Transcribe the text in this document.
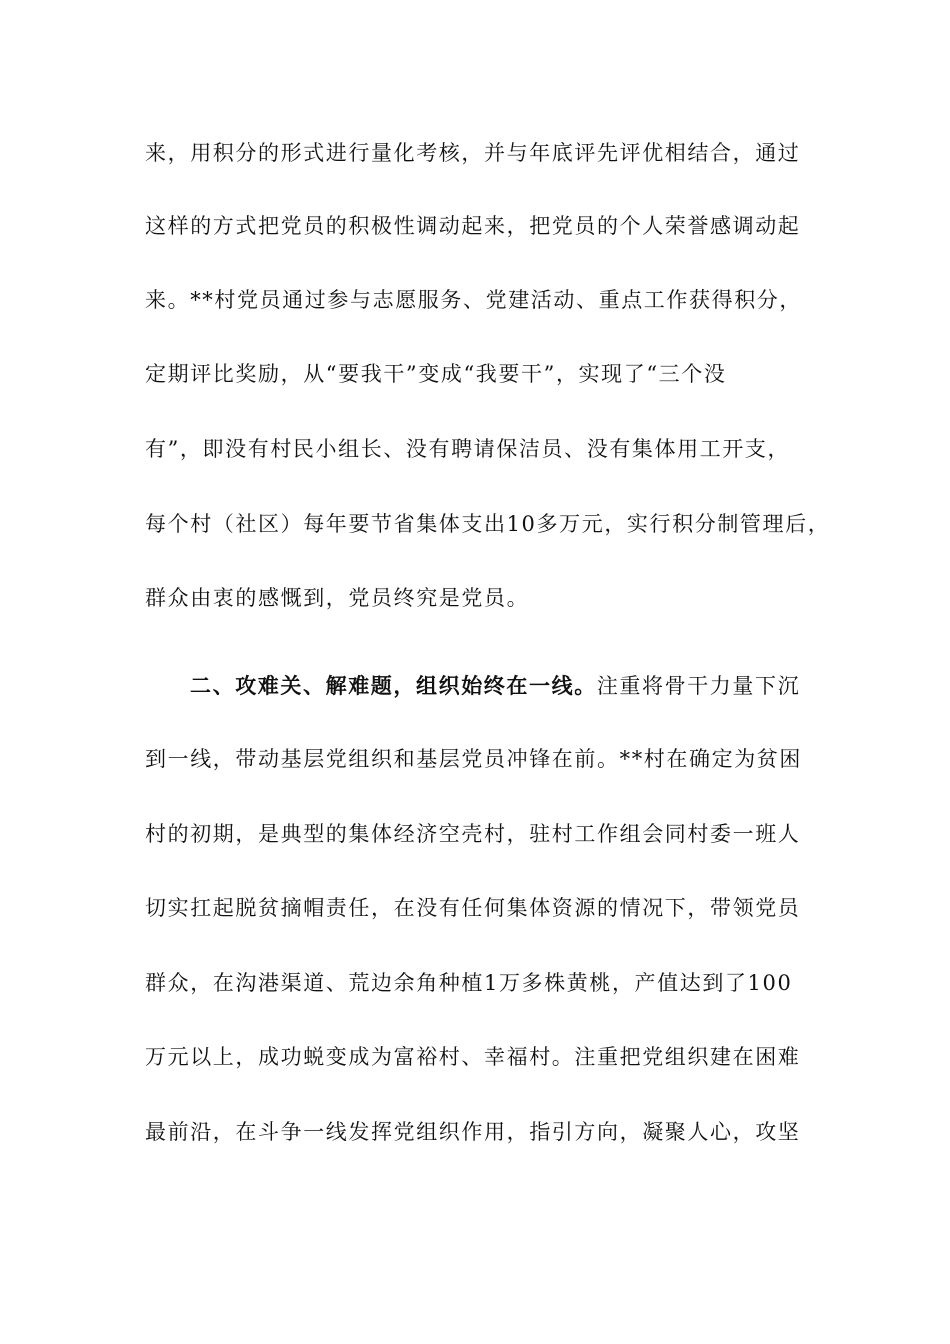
来，用积分的形式进行量化考核，并与年底评先评优相结合，通过
这样的方式把党员的积极性调动起来，把党员的个人荣誉感调动起
来。**村党员通过参与志愿服务、党建活动、重点工作获得积分，
定期评比奖励，从“要我干”变成“我要干”，实现了“三个没
有”，即没有村民小组长、没有聘请保洁员、没有集体用工开支，
每个村（社区）每年要节省集体支出10多万元，实行积分制管理后，
群众由衷的感慨到，党员终究是党员。
二、攻难关、解难题，组织始终在一线。注重将骨干力量下沉
到一线，带动基层党组织和基层党员冲锋在前。**村在确定为贫困
村的初期，是典型的集体经济空壳村，驻村工作组会同村委一班人
切实扛起脱贫摘帽责任，在没有任何集体资源的情况下，带领党员
群众，在沟港渠道、荒边余角种植1万多株黄桃，产值达到了100
万元以上，成功蜕变成为富裕村、幸福村。注重把党组织建在困难
最前沿，在斗争一线发挥党组织作用，指引方向，凝聚人心，攻坚
